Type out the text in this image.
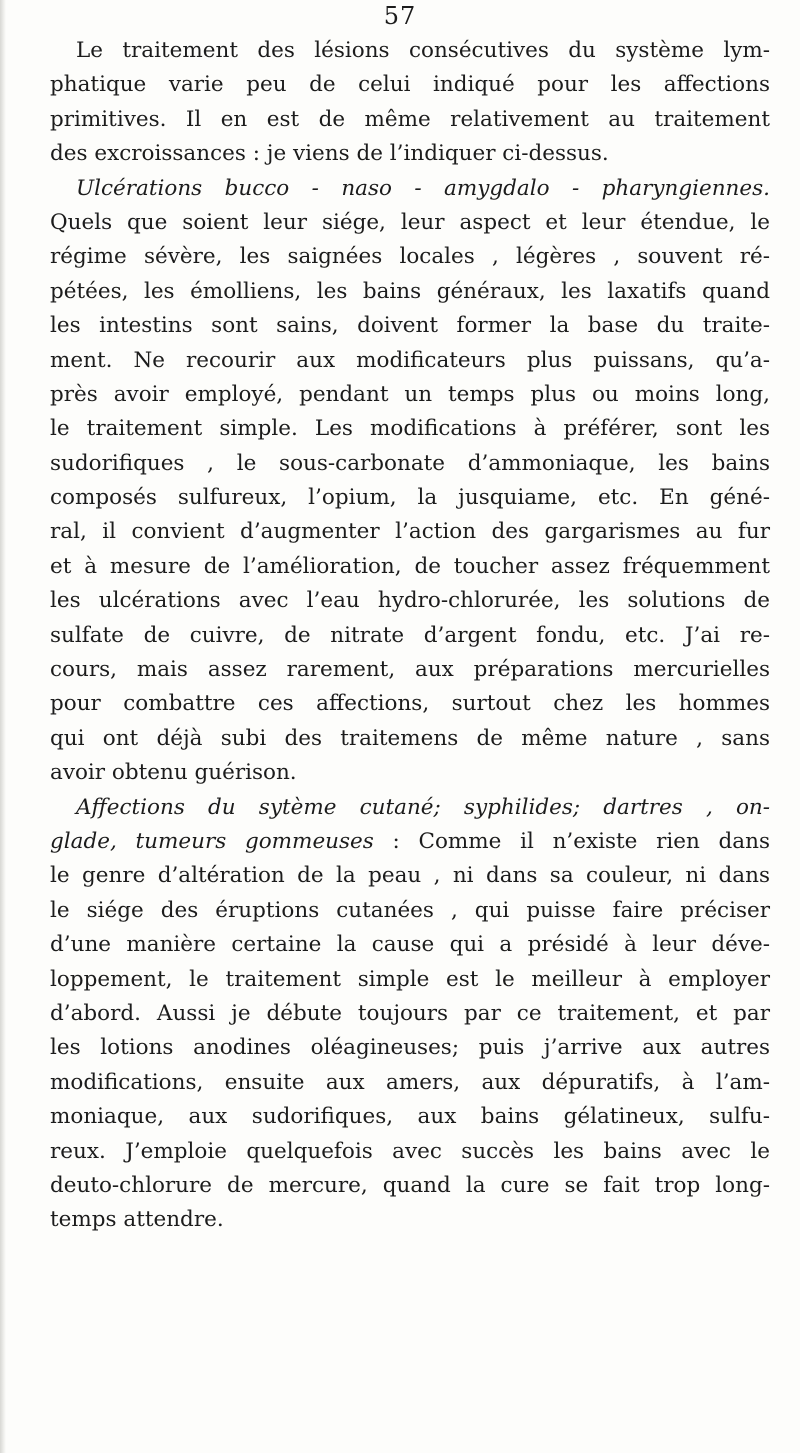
57
Le traitement des lésions consécutives du système lym-
phatique varie peu de celui indiqué pour les affections
primitives. Il en est de même relativement au traitement
des excroissances : je viens de l’indiquer ci-dessus.
Ulcérations bucco - naso - amygdalo - pharyngiennes.
Quels que soient leur siége, leur aspect et leur étendue, le
régime sévère, les saignées locales , légères , souvent ré-
pétées, les émolliens, les bains généraux, les laxatifs quand
les intestins sont sains, doivent former la base du traite-
ment. Ne recourir aux modificateurs plus puissans, qu’a-
près avoir employé, pendant un temps plus ou moins long,
le traitement simple. Les modifications à préférer, sont les
sudorifiques , le sous-carbonate d’ammoniaque, les bains
composés sulfureux, l’opium, la jusquiame, etc. En géné-
ral, il convient d’augmenter l’action des gargarismes au fur
et à mesure de l’amélioration, de toucher assez fréquemment
les ulcérations avec l’eau hydro-chlorurée, les solutions de
sulfate de cuivre, de nitrate d’argent fondu, etc. J’ai re-
cours, mais assez rarement, aux préparations mercurielles
pour combattre ces affections, surtout chez les hommes
qui ont déjà subi des traitemens de même nature , sans
avoir obtenu guérison.
Affections du sytème cutané; syphilides; dartres , on-
glade, tumeurs gommeuses : Comme il n’existe rien dans
le genre d’altération de la peau , ni dans sa couleur, ni dans
le siége des éruptions cutanées , qui puisse faire préciser
d’une manière certaine la cause qui a présidé à leur déve-
loppement, le traitement simple est le meilleur à employer
d’abord. Aussi je débute toujours par ce traitement, et par
les lotions anodines oléagineuses; puis j’arrive aux autres
modifications, ensuite aux amers, aux dépuratifs, à l’am-
moniaque, aux sudorifiques, aux bains gélatineux, sulfu-
reux. J’emploie quelquefois avec succès les bains avec le
deuto-chlorure de mercure, quand la cure se fait trop long-
temps attendre.
